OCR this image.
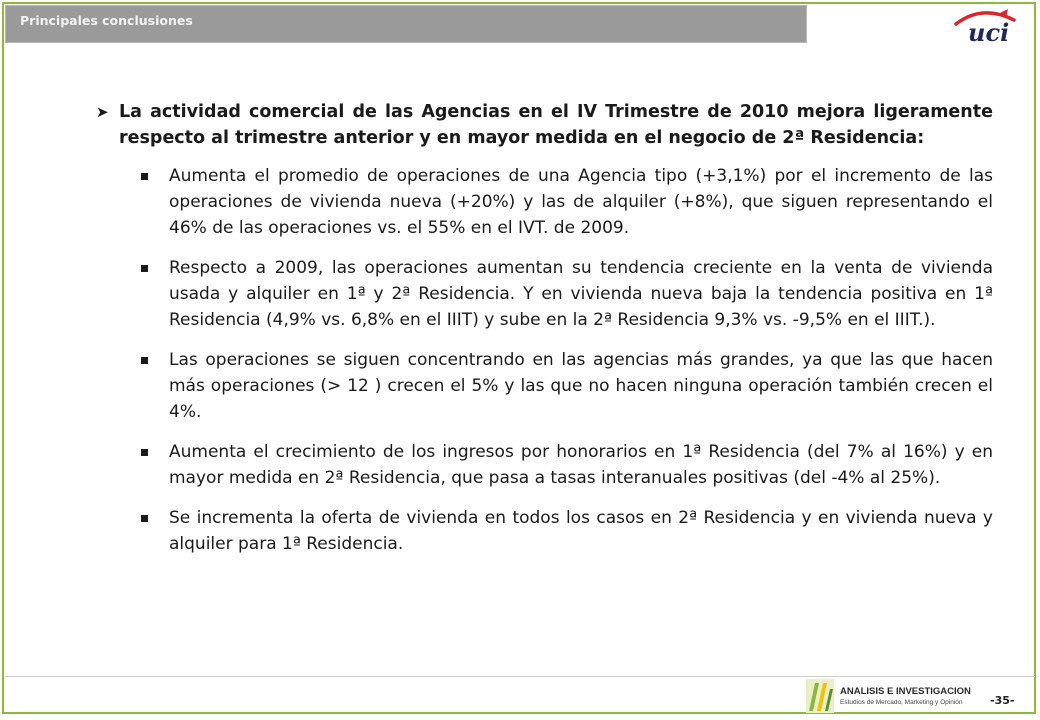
Principales conclusiones	uci
➤ La actividad comercial de las Agencias en el IV Trimestre de 2010 mejora ligeramente respecto al trimestre anterior y en mayor medida en el negocio de 2ª Residencia:
Aumenta el promedio de operaciones de una Agencia tipo (+3,1%) por el incremento de las operaciones de vivienda nueva (+20%) y las de alquiler (+8%), que siguen representando el 46% de las operaciones vs. el 55% en el IVT. de 2009.
Respecto a 2009, las operaciones aumentan su tendencia creciente en la venta de vivienda usada y alquiler en 1ª y 2ª Residencia. Y en vivienda nueva baja la tendencia positiva en 1ª Residencia (4,9% vs. 6,8% en el IIIT) y sube en la 2ª Residencia 9,3% vs. -9,5% en el IIIT.).
Las operaciones se siguen concentrando en las agencias más grandes, ya que las que hacen más operaciones (> 12 ) crecen el 5% y las que no hacen ninguna operación también crecen el 4%.
Aumenta el crecimiento de los ingresos por honorarios en 1ª Residencia (del 7% al 16%) y en mayor medida en 2ª Residencia, que pasa a tasas interanuales positivas (del -4% al 25%).
Se incrementa la oferta de vivienda en todos los casos en 2ª Residencia y en vivienda nueva y alquiler para 1ª Residencia.
ANALISIS E INVESTIGACION
Estudios de Mercado, Marketing y Opinión	-35-
